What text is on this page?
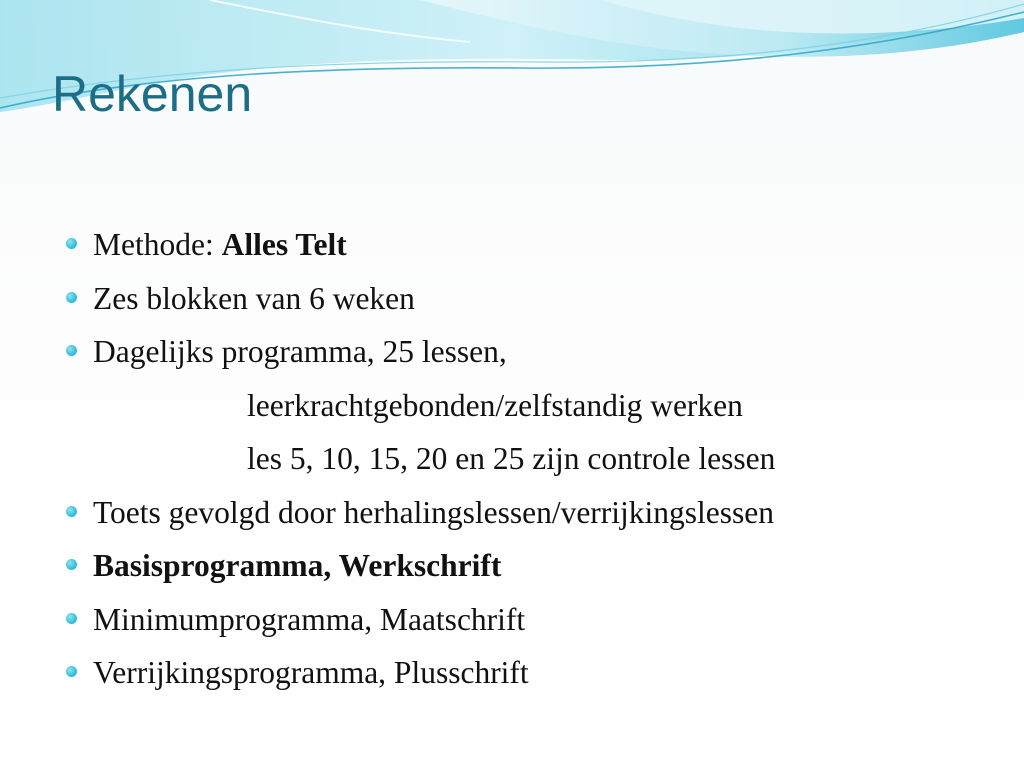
Rekenen
Methode: Alles Telt
Zes blokken van 6 weken
Dagelijks programma, 25 lessen,
leerkrachtgebonden/zelfstandig werken
les 5, 10, 15, 20 en 25 zijn controle lessen
Toets gevolgd door herhalingslessen/verrijkingslessen
Basisprogramma, Werkschrift
Minimumprogramma, Maatschrift
Verrijkingsprogramma, Plusschrift
